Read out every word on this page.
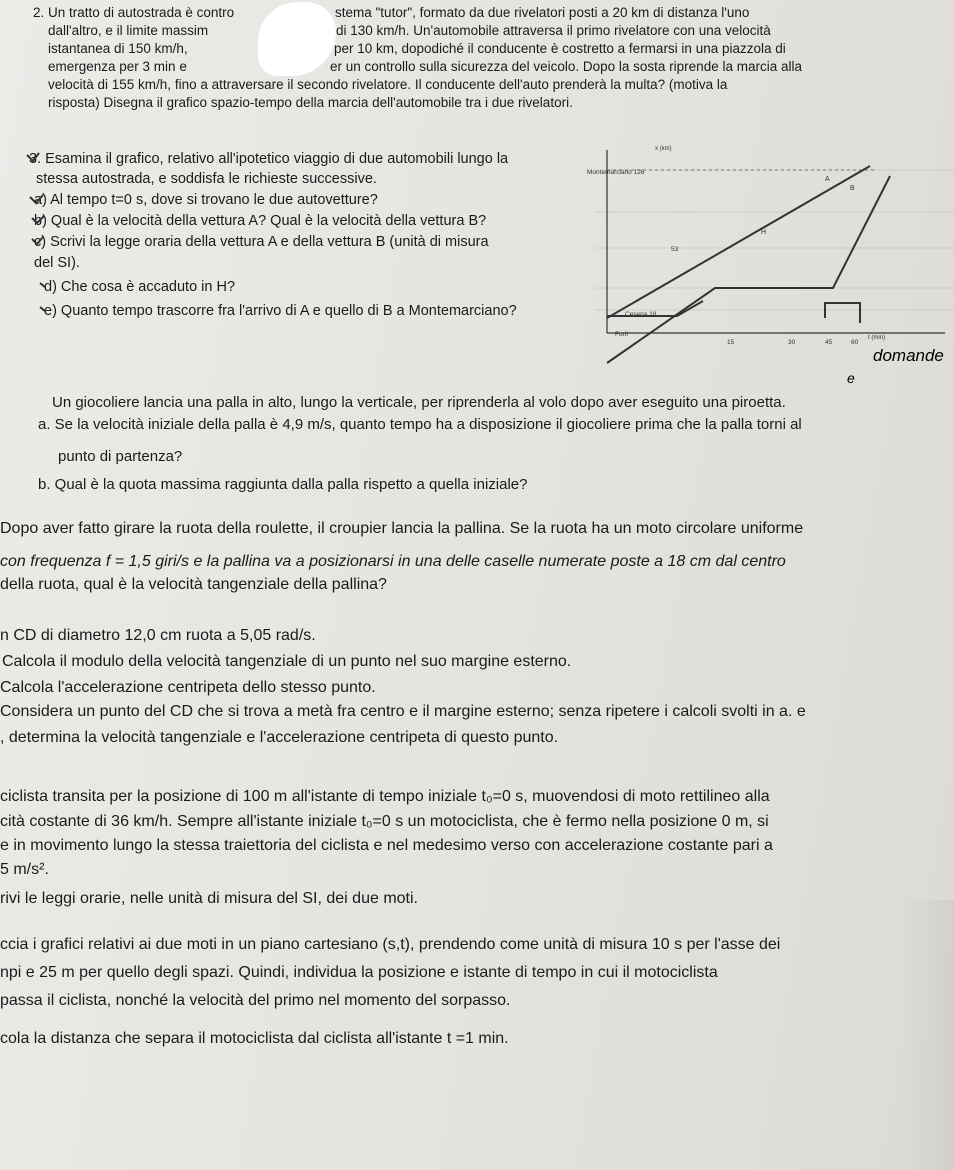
2. Un tratto di autostrada è contro	stema "tutor", formato da due rivelatori posti a 20 km di distanza l'uno
dall'altro, e il limite massim	di 130 km/h. Un'automobile attraversa il primo rivelatore con una velocità
istantanea di 150 km/h,	per 10 km, dopodiché il conducente è costretto a fermarsi in una piazzola di
emergenza per 3 min e	er un controllo sulla sicurezza del veicolo. Dopo la sosta riprende la marcia alla
velocità di 155 km/h, fino a attraversare il secondo rivelatore. Il conducente dell'auto prenderà la multa? (motiva la
risposta) Disegna il grafico spazio-tempo della marcia dell'automobile tra i due rivelatori.
3. Esamina il grafico, relativo all'ipotetico viaggio di due automobili lungo la
stessa autostrada, e soddisfa le richieste successive.
a) Al tempo t=0 s, dove si trovano le due autovetture?
b) Qual è la velocità della vettura A? Qual è la velocità della vettura B?
c) Scrivi la legge oraria della vettura A e della vettura B (unità di misura
del SI).
d) Che cosa è accaduto in H?
e) Quanto tempo trascorre fra l'arrivo di A e quello di B a Montemarciano?
x (km)
Montemarciano 126
53
Cesena 18
Forlì
A
B
H
15	30	45	60
t (min)
domande
e
Un giocoliere lancia una palla in alto, lungo la verticale, per riprenderla al volo dopo aver eseguito una piroetta.
a. Se la velocità iniziale della palla è 4,9 m/s, quanto tempo ha a disposizione il giocoliere prima che la palla torni al
punto di partenza?
b. Qual è la quota massima raggiunta dalla palla rispetto a quella iniziale?
Dopo aver fatto girare la ruota della roulette, il croupier lancia la pallina. Se la ruota ha un moto circolare uniforme
con frequenza f = 1,5 giri/s e la pallina va a posizionarsi in una delle caselle numerate poste a 18 cm dal centro
della ruota, qual è la velocità tangenziale della pallina?
n CD di diametro 12,0 cm ruota a 5,05 rad/s.
Calcola il modulo della velocità tangenziale di un punto nel suo margine esterno.
Calcola l'accelerazione centripeta dello stesso punto.
Considera un punto del CD che si trova a metà fra centro e il margine esterno; senza ripetere i calcoli svolti in a. e
, determina la velocità tangenziale e l'accelerazione centripeta di questo punto.
ciclista transita per la posizione di 100 m all'istante di tempo iniziale t₀=0 s, muovendosi di moto rettilineo alla
cità costante di 36 km/h. Sempre all'istante iniziale t₀=0 s un motociclista, che è fermo nella posizione 0 m, si
e in movimento lungo la stessa traiettoria del ciclista e nel medesimo verso con accelerazione costante pari a
5 m/s².
rivi le leggi orarie, nelle unità di misura del SI, dei due moti.
ccia i grafici relativi ai due moti in un piano cartesiano (s,t), prendendo come unità di misura 10 s per l'asse dei
npi e 25 m per quello degli spazi. Quindi, individua la posizione e istante di tempo in cui il motociclista
passa il ciclista, nonché la velocità del primo nel momento del sorpasso.
cola la distanza che separa il motociclista dal ciclista all'istante t =1 min.
